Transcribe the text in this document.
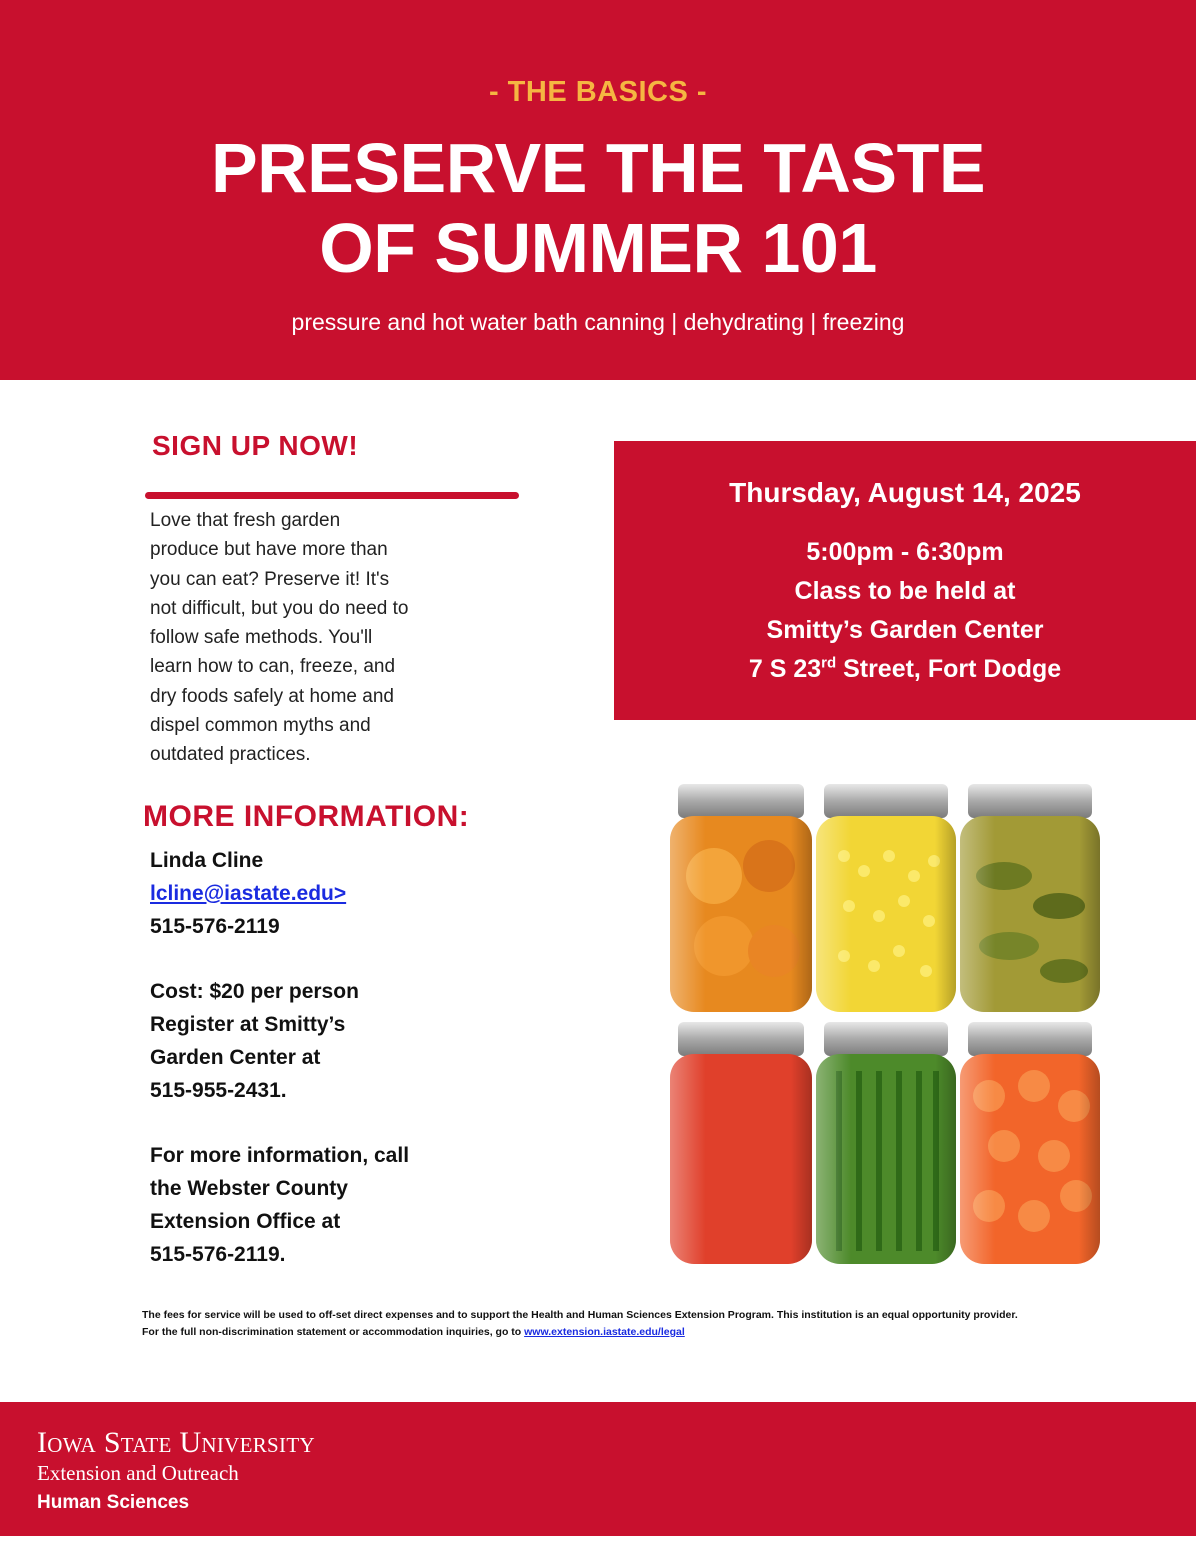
- THE BASICS -
PRESERVE THE TASTE
OF SUMMER 101
pressure and hot water bath canning | dehydrating | freezing
SIGN UP NOW!
Love that fresh garden
produce but have more than
you can eat? Preserve it! It's
not difficult, but you do need to
follow safe methods. You'll
learn how to can, freeze, and
dry foods safely at home and
dispel common myths and
outdated practices.
Thursday, August 14, 2025
5:00pm - 6:30pm
Class to be held at
Smitty’s Garden Center
7 S 23rd Street, Fort Dodge
MORE INFORMATION:
Linda Cline
lcline@iastate.edu>
515-576-2119
Cost: $20 per person
Register at Smitty’s
Garden Center at
515-955-2431.
For more information, call
the Webster County
Extension Office at
515-576-2119.
The fees for service will be used to off-set direct expenses and to support the Health and Human Sciences Extension Program. This institution is an equal opportunity provider.
For the full non-discrimination statement or accommodation inquiries, go to www.extension.iastate.edu/legal
Iowa State University
Extension and Outreach
Human Sciences
